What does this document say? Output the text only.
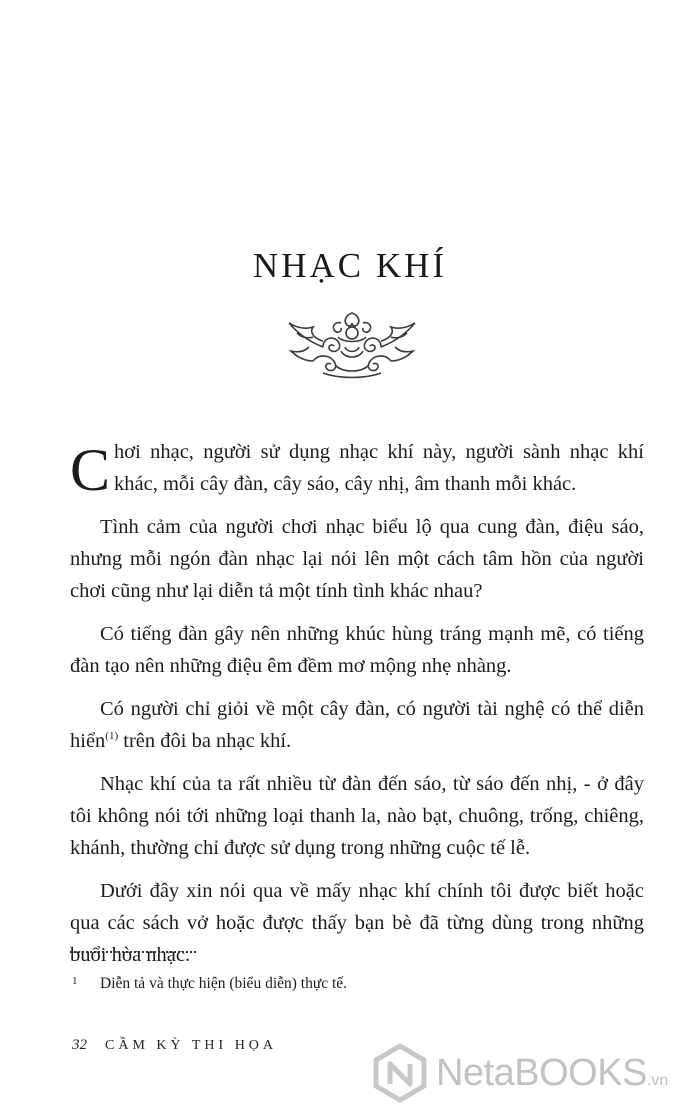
NHẠC KHÍ

Chơi nhạc, người sử dụng nhạc khí này, người sành nhạc khí khác, mỗi cây đàn, cây sáo, cây nhị, âm thanh mỗi khác.

Tình cảm của người chơi nhạc biểu lộ qua cung đàn, điệu sáo, nhưng mỗi ngón đàn nhạc lại nói lên một cách tâm hồn của người chơi cũng như lại diễn tả một tính tình khác nhau?

Có tiếng đàn gây nên những khúc hùng tráng mạnh mẽ, có tiếng đàn tạo nên những điệu êm đềm mơ mộng nhẹ nhàng.

Có người chỉ giỏi về một cây đàn, có người tài nghệ có thể diễn hiển$^{(1)}$ trên đôi ba nhạc khí.

Nhạc khí của ta rất nhiều từ đàn đến sáo, từ sáo đến nhị, - ở đây tôi không nói tới những loại thanh la, nào bạt, chuông, trống, chiêng, khánh, thường chỉ được sử dụng trong những cuộc tế lễ.

Dưới đây xin nói qua về mấy nhạc khí chính tôi được biết hoặc qua các sách vở hoặc được thấy bạn bè đã từng dùng trong những buổi hòa nhạc.

1 Diễn tả và thực hiện (biểu diễn) thực tế.
32 CẦM KỲ THI HỌA
NetaBOOKS.vn
